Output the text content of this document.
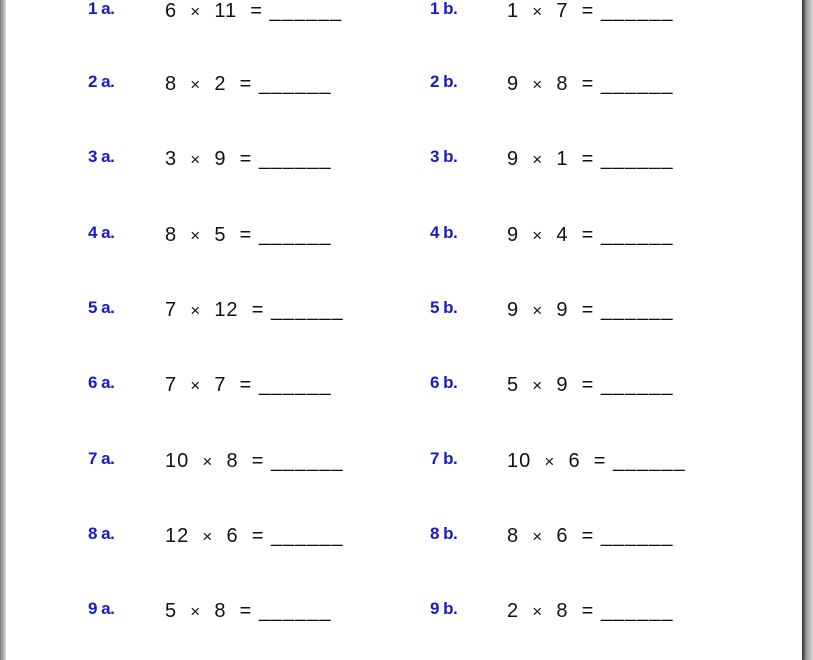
1 a.	6 × 11 = ______	1 b. 1 × 7 = ______
2 a.	8 × 2 = ______	2 b. 9 × 8 = ______
3 a.	3 × 9 = ______	3 b. 9 × 1 = ______
4 a.	8 × 5 = ______	4 b. 9 × 4 = ______
5 a.	7 × 12 = ______	5 b. 9 × 9 = ______
6 a.	7 × 7 = ______	6 b. 5 × 9 = ______
7 a.	10 × 8 = ______	7 b. 10 × 6 = ______
8 a.	12 × 6 = ______	8 b. 8 × 6 = ______
9 a.	5 × 8 = ______	9 b. 2 × 8 = ______
